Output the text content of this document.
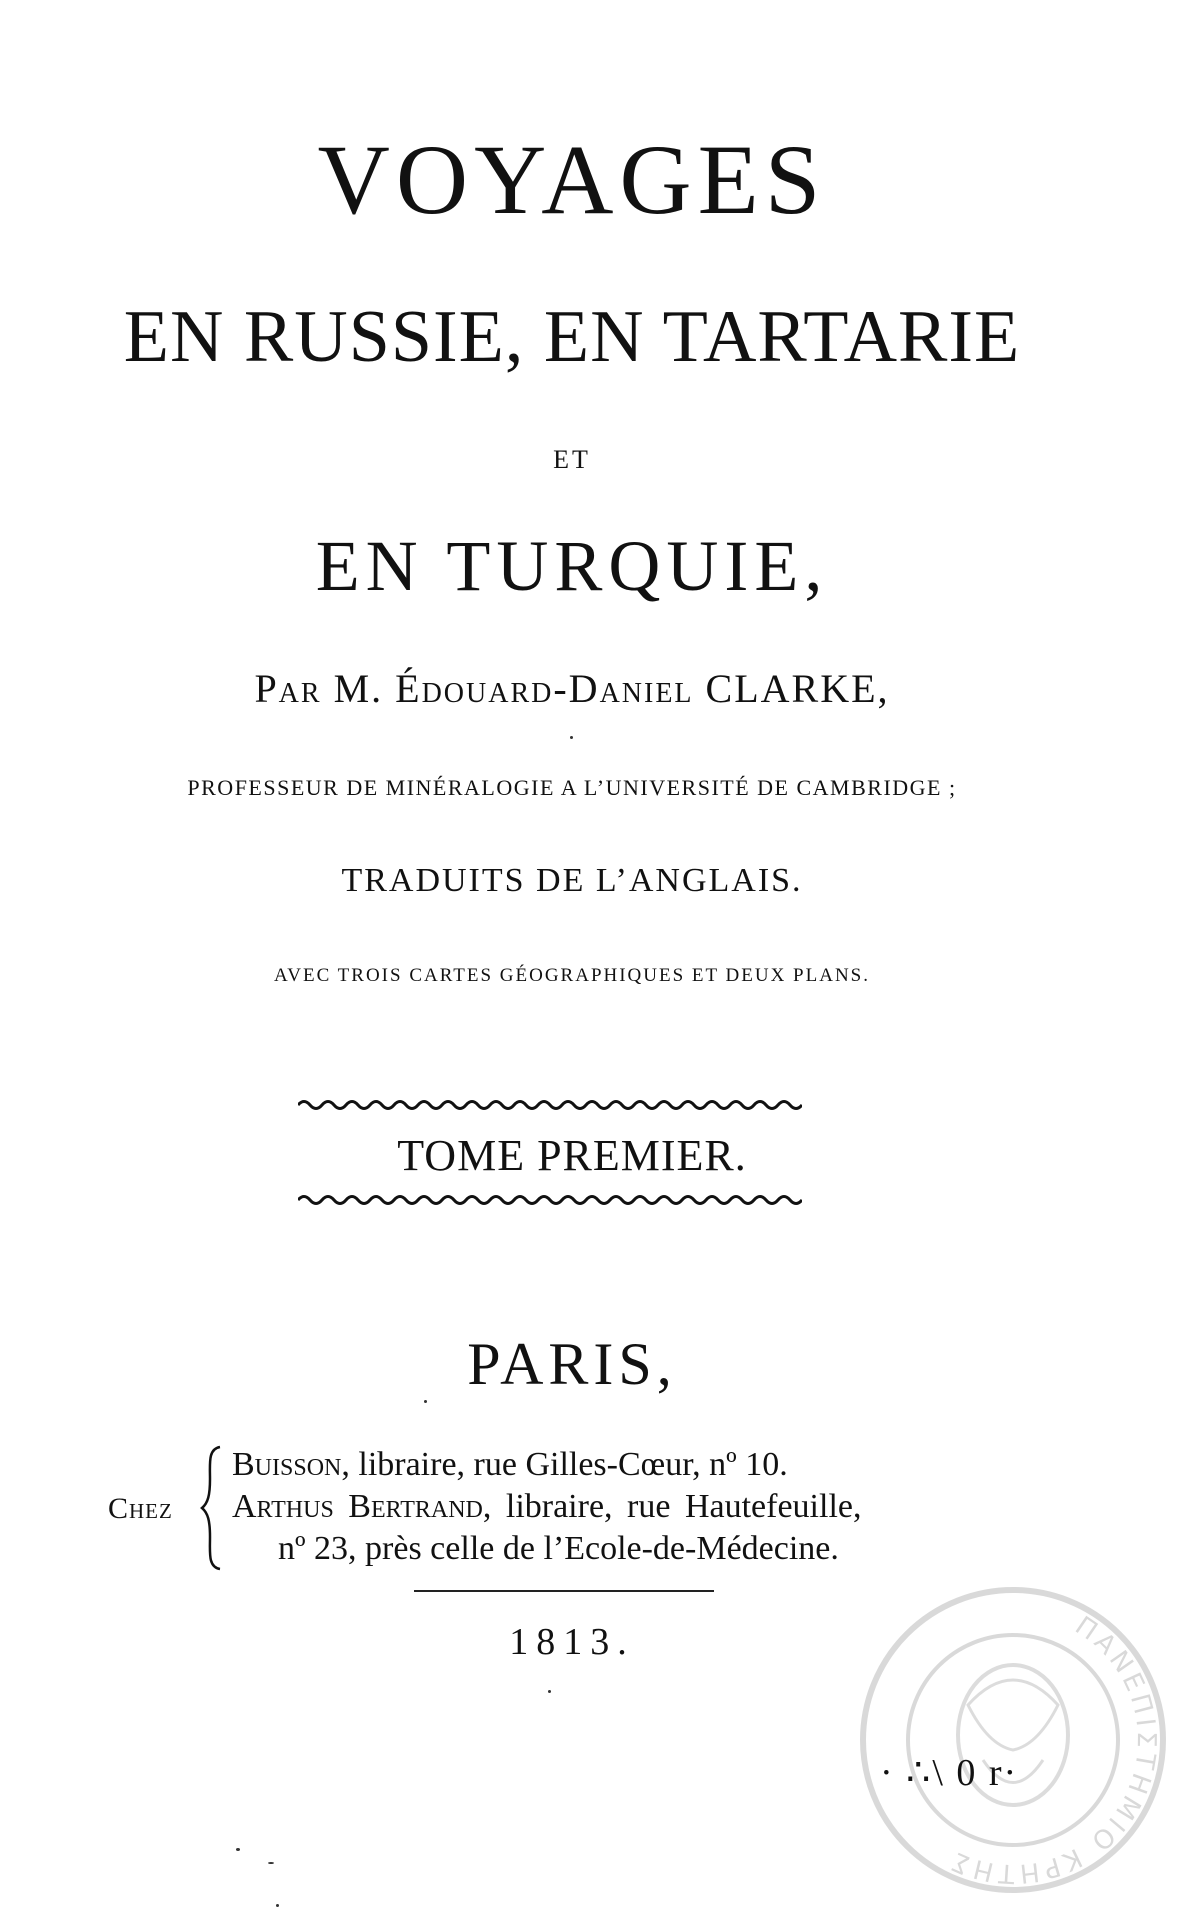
VOYAGES
EN RUSSIE, EN TARTARIE
ET
EN TURQUIE,
Par M. Édouard-Daniel CLARKE,
PROFESSEUR DE MINÉRALOGIE A L’UNIVERSITÉ DE CAMBRIDGE ;
TRADUITS DE L’ANGLAIS.
AVEC TROIS CARTES GÉOGRAPHIQUES ET DEUX PLANS.
TOME PREMIER.
PARIS,
Chez
Buisson, libraire, rue Gilles-Cœur, nº 10.
Arthus Bertrand, libraire, rue Hautefeuille,
nº 23, près celle de l’Ecole-de-Médecine.
1813.	ΠΑΝΕΠΙΣΤΗΜΙΟ ΚΡΗΤΗΣ
· ∴\ 0 r·
